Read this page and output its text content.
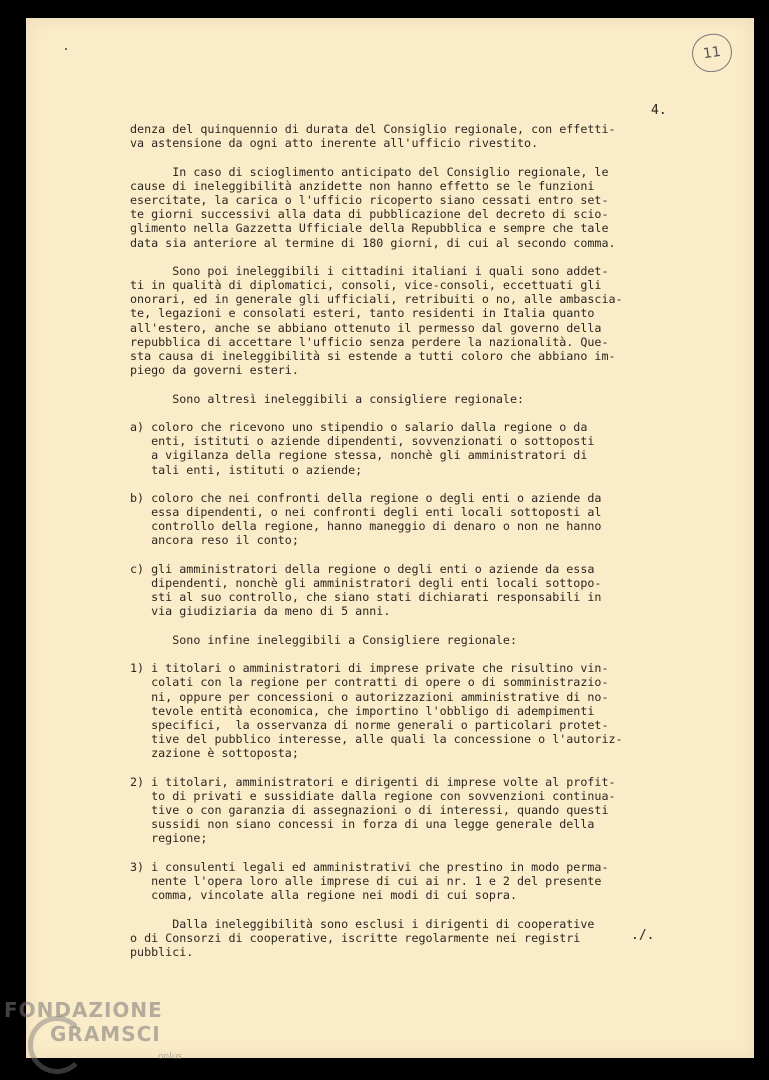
11
4.
denza del quinquennio di durata del Consiglio regionale, con effetti-
va astensione da ogni atto inerente all'ufficio rivestito.
In caso di scioglimento anticipato del Consiglio regionale, le
cause di ineleggibilità anzidette non hanno effetto se le funzioni
esercitate, la carica o l'ufficio ricoperto siano cessati entro set-
te giorni successivi alla data di pubblicazione del decreto di scio-
glimento nella Gazzetta Ufficiale della Repubblica e sempre che tale
data sia anteriore al termine di 180 giorni, di cui al secondo comma.
Sono poi ineleggibili i cittadini italiani i quali sono addet-
ti in qualità di diplomatici, consoli, vice-consoli, eccettuati gli
onorari, ed in generale gli ufficiali, retribuiti o no, alle ambascia-
te, legazioni e consolati esteri, tanto residenti in Italia quanto
all'estero, anche se abbiano ottenuto il permesso dal governo della
repubblica di accettare l'ufficio senza perdere la nazionalità. Que-
sta causa di ineleggibilità si estende a tutti coloro che abbiano im-
piego da governi esteri.
Sono altresì ineleggibili a consigliere regionale:
a) coloro che ricevono uno stipendio o salario dalla regione o da
enti, istituti o aziende dipendenti, sovvenzionati o sottoposti
a vigilanza della regione stessa, nonchè gli amministratori di
tali enti, istituti o aziende;
b) coloro che nei confronti della regione o degli enti o aziende da
essa dipendenti, o nei confronti degli enti locali sottoposti al
controllo della regione, hanno maneggio di denaro o non ne hanno
ancora reso il conto;
c) gli amministratori della regione o degli enti o aziende da essa
dipendenti, nonchè gli amministratori degli enti locali sottopo-
sti al suo controllo, che siano stati dichiarati responsabili in
via giudiziaria da meno di 5 anni.
Sono infine ineleggibili a Consigliere regionale:
1) i titolari o amministratori di imprese private che risultino vin-
colati con la regione per contratti di opere o di somministrazio-
ni, oppure per concessioni o autorizzazioni amministrative di no-
tevole entità economica, che importino l'obbligo di adempimenti
specifici,  la osservanza di norme generali o particolari protet-
tive del pubblico interesse, alle quali la concessione o l'autoriz-
zazione è sottoposta;
2) i titolari, amministratori e dirigenti di imprese volte al profit-
to di privati e sussidiate dalla regione con sovvenzioni continua-
tive o con garanzia di assegnazioni o di interessi, quando questi
sussidi non siano concessi in forza di una legge generale della
regione;
3) i consulenti legali ed amministrativi che prestino in modo perma-
nente l'opera loro alle imprese di cui ai nr. 1 e 2 del presente
comma, vincolate alla regione nei modi di cui sopra.
Dalla ineleggibilità sono esclusi i dirigenti di cooperative
o di Consorzi di cooperative, iscritte regolarmente nei registri
pubblici.
./.
FONDAZIONE
GRAMSCI
onlus
